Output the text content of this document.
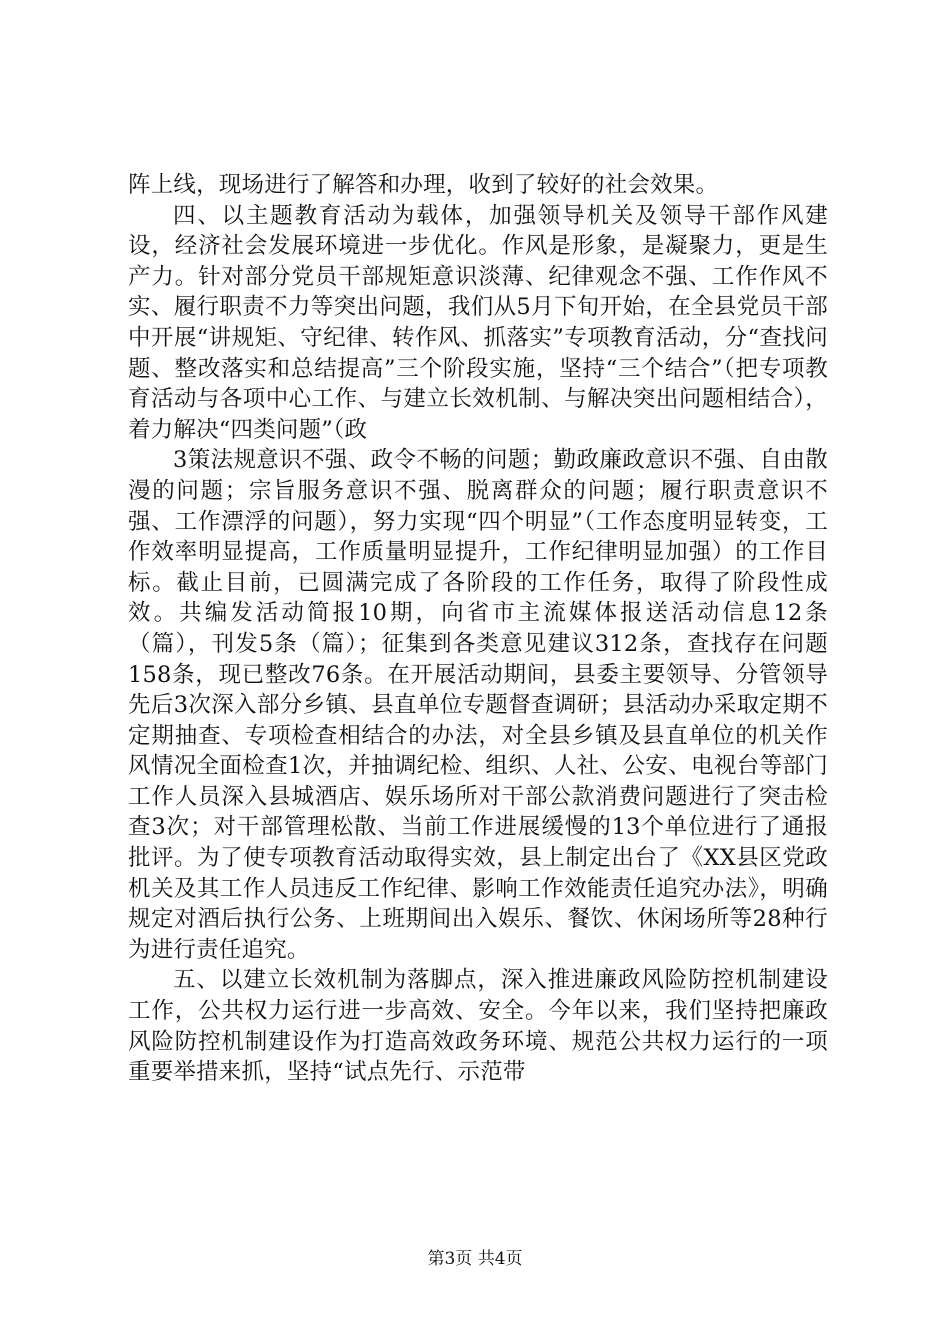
阵上线，现场进行了解答和办理，收到了较好的社会效果。

四、以主题教育活动为载体，加强领导机关及领导干部作风建设，经济社会发展环境进一步优化。作风是形象，是凝聚力，更是生产力。针对部分党员干部规矩意识淡薄、纪律观念不强、工作作风不实、履行职责不力等突出问题，我们从5月下旬开始，在全县党员干部中开展“讲规矩、守纪律、转作风、抓落实”专项教育活动，分“查找问题、整改落实和总结提高”三个阶段实施，坚持“三个结合”（把专项教育活动与各项中心工作、与建立长效机制、与解决突出问题相结合），着力解决“四类问题”（政

3策法规意识不强、政令不畅的问题；勤政廉政意识不强、自由散漫的问题；宗旨服务意识不强、脱离群众的问题；履行职责意识不强、工作漂浮的问题），努力实现“四个明显”（工作态度明显转变，工作效率明显提高，工作质量明显提升，工作纪律明显加强）的工作目标。截止目前，已圆满完成了各阶段的工作任务，取得了阶段性成效。共编发活动简报10期，向省市主流媒体报送活动信息12条（篇），刊发5条（篇）；征集到各类意见建议312条，查找存在问题158条，现已整改76条。在开展活动期间，县委主要领导、分管领导先后3次深入部分乡镇、县直单位专题督查调研；县活动办采取定期不定期抽查、专项检查相结合的办法，对全县乡镇及县直单位的机关作风情况全面检查1次，并抽调纪检、组织、人社、公安、电视台等部门工作人员深入县城酒店、娱乐场所对干部公款消费问题进行了突击检查3次；对干部管理松散、当前工作进展缓慢的13个单位进行了通报批评。为了使专项教育活动取得实效，县上制定出台了《XX县区党政机关及其工作人员违反工作纪律、影响工作效能责任追究办法》，明确规定对酒后执行公务、上班期间出入娱乐、餐饮、休闲场所等28种行为进行责任追究。

五、以建立长效机制为落脚点，深入推进廉政风险防控机制建设工作，公共权力运行进一步高效、安全。今年以来，我们坚持把廉政风险防控机制建设作为打造高效政务环境、规范公共权力运行的一项重要举措来抓，坚持“试点先行、示范带

第3页 共4页
